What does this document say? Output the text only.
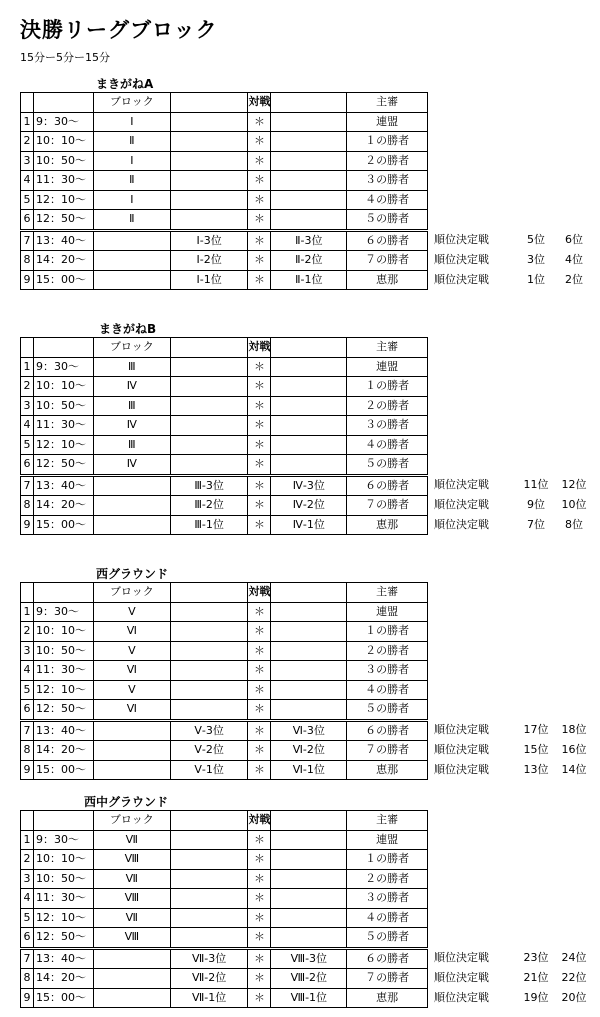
決勝リーグブロック
15分ー5分ー15分
まきがねA
		ブロック		対戦		主審	
1	9：30～	Ⅰ		＊		連盟	
2	10：10～	Ⅱ		＊		１の勝者	
3	10：50～	Ⅰ		＊		２の勝者	
4	11：30～	Ⅱ		＊		３の勝者	
5	12：10～	Ⅰ		＊		４の勝者	
6	12：50～	Ⅱ		＊		５の勝者	
7	13：40～		Ⅰ-3位	＊	Ⅱ-3位	６の勝者	順位決定戦 5位 6位
8	14：20～		Ⅰ-2位	＊	Ⅱ-2位	７の勝者	順位決定戦 3位 4位
9	15：00～		Ⅰ-1位	＊	Ⅱ-1位	恵那	順位決定戦 1位 2位
まきがねB
		ブロック		対戦		主審	
1	9：30～	Ⅲ		＊		連盟	
2	10：10～	Ⅳ		＊		１の勝者	
3	10：50～	Ⅲ		＊		２の勝者	
4	11：30～	Ⅳ		＊		３の勝者	
5	12：10～	Ⅲ		＊		４の勝者	
6	12：50～	Ⅳ		＊		５の勝者	
7	13：40～		Ⅲ-3位	＊	Ⅳ-3位	６の勝者	順位決定戦 11位 12位
8	14：20～		Ⅲ-2位	＊	Ⅳ-2位	７の勝者	順位決定戦 9位 10位
9	15：00～		Ⅲ-1位	＊	Ⅳ-1位	恵那	順位決定戦 7位 8位
西グラウンド
		ブロック		対戦		主審	
1	9：30～	Ⅴ		＊		連盟	
2	10：10～	Ⅵ		＊		１の勝者	
3	10：50～	Ⅴ		＊		２の勝者	
4	11：30～	Ⅵ		＊		３の勝者	
5	12：10～	Ⅴ		＊		４の勝者	
6	12：50～	Ⅵ		＊		５の勝者	
7	13：40～		Ⅴ-3位	＊	Ⅵ-3位	６の勝者	順位決定戦 17位 18位
8	14：20～		Ⅴ-2位	＊	Ⅵ-2位	７の勝者	順位決定戦 15位 16位
9	15：00～		Ⅴ-1位	＊	Ⅵ-1位	恵那	順位決定戦 13位 14位
西中グラウンド
		ブロック		対戦		主審	
1	9：30～	Ⅶ		＊		連盟	
2	10：10～	Ⅷ		＊		１の勝者	
3	10：50～	Ⅶ		＊		２の勝者	
4	11：30～	Ⅷ		＊		３の勝者	
5	12：10～	Ⅶ		＊		４の勝者	
6	12：50～	Ⅷ		＊		５の勝者	
7	13：40～		Ⅶ-3位	＊	Ⅷ-3位	６の勝者	順位決定戦 23位 24位
8	14：20～		Ⅶ-2位	＊	Ⅷ-2位	７の勝者	順位決定戦 21位 22位
9	15：00～		Ⅶ-1位	＊	Ⅷ-1位	恵那	順位決定戦 19位 20位
